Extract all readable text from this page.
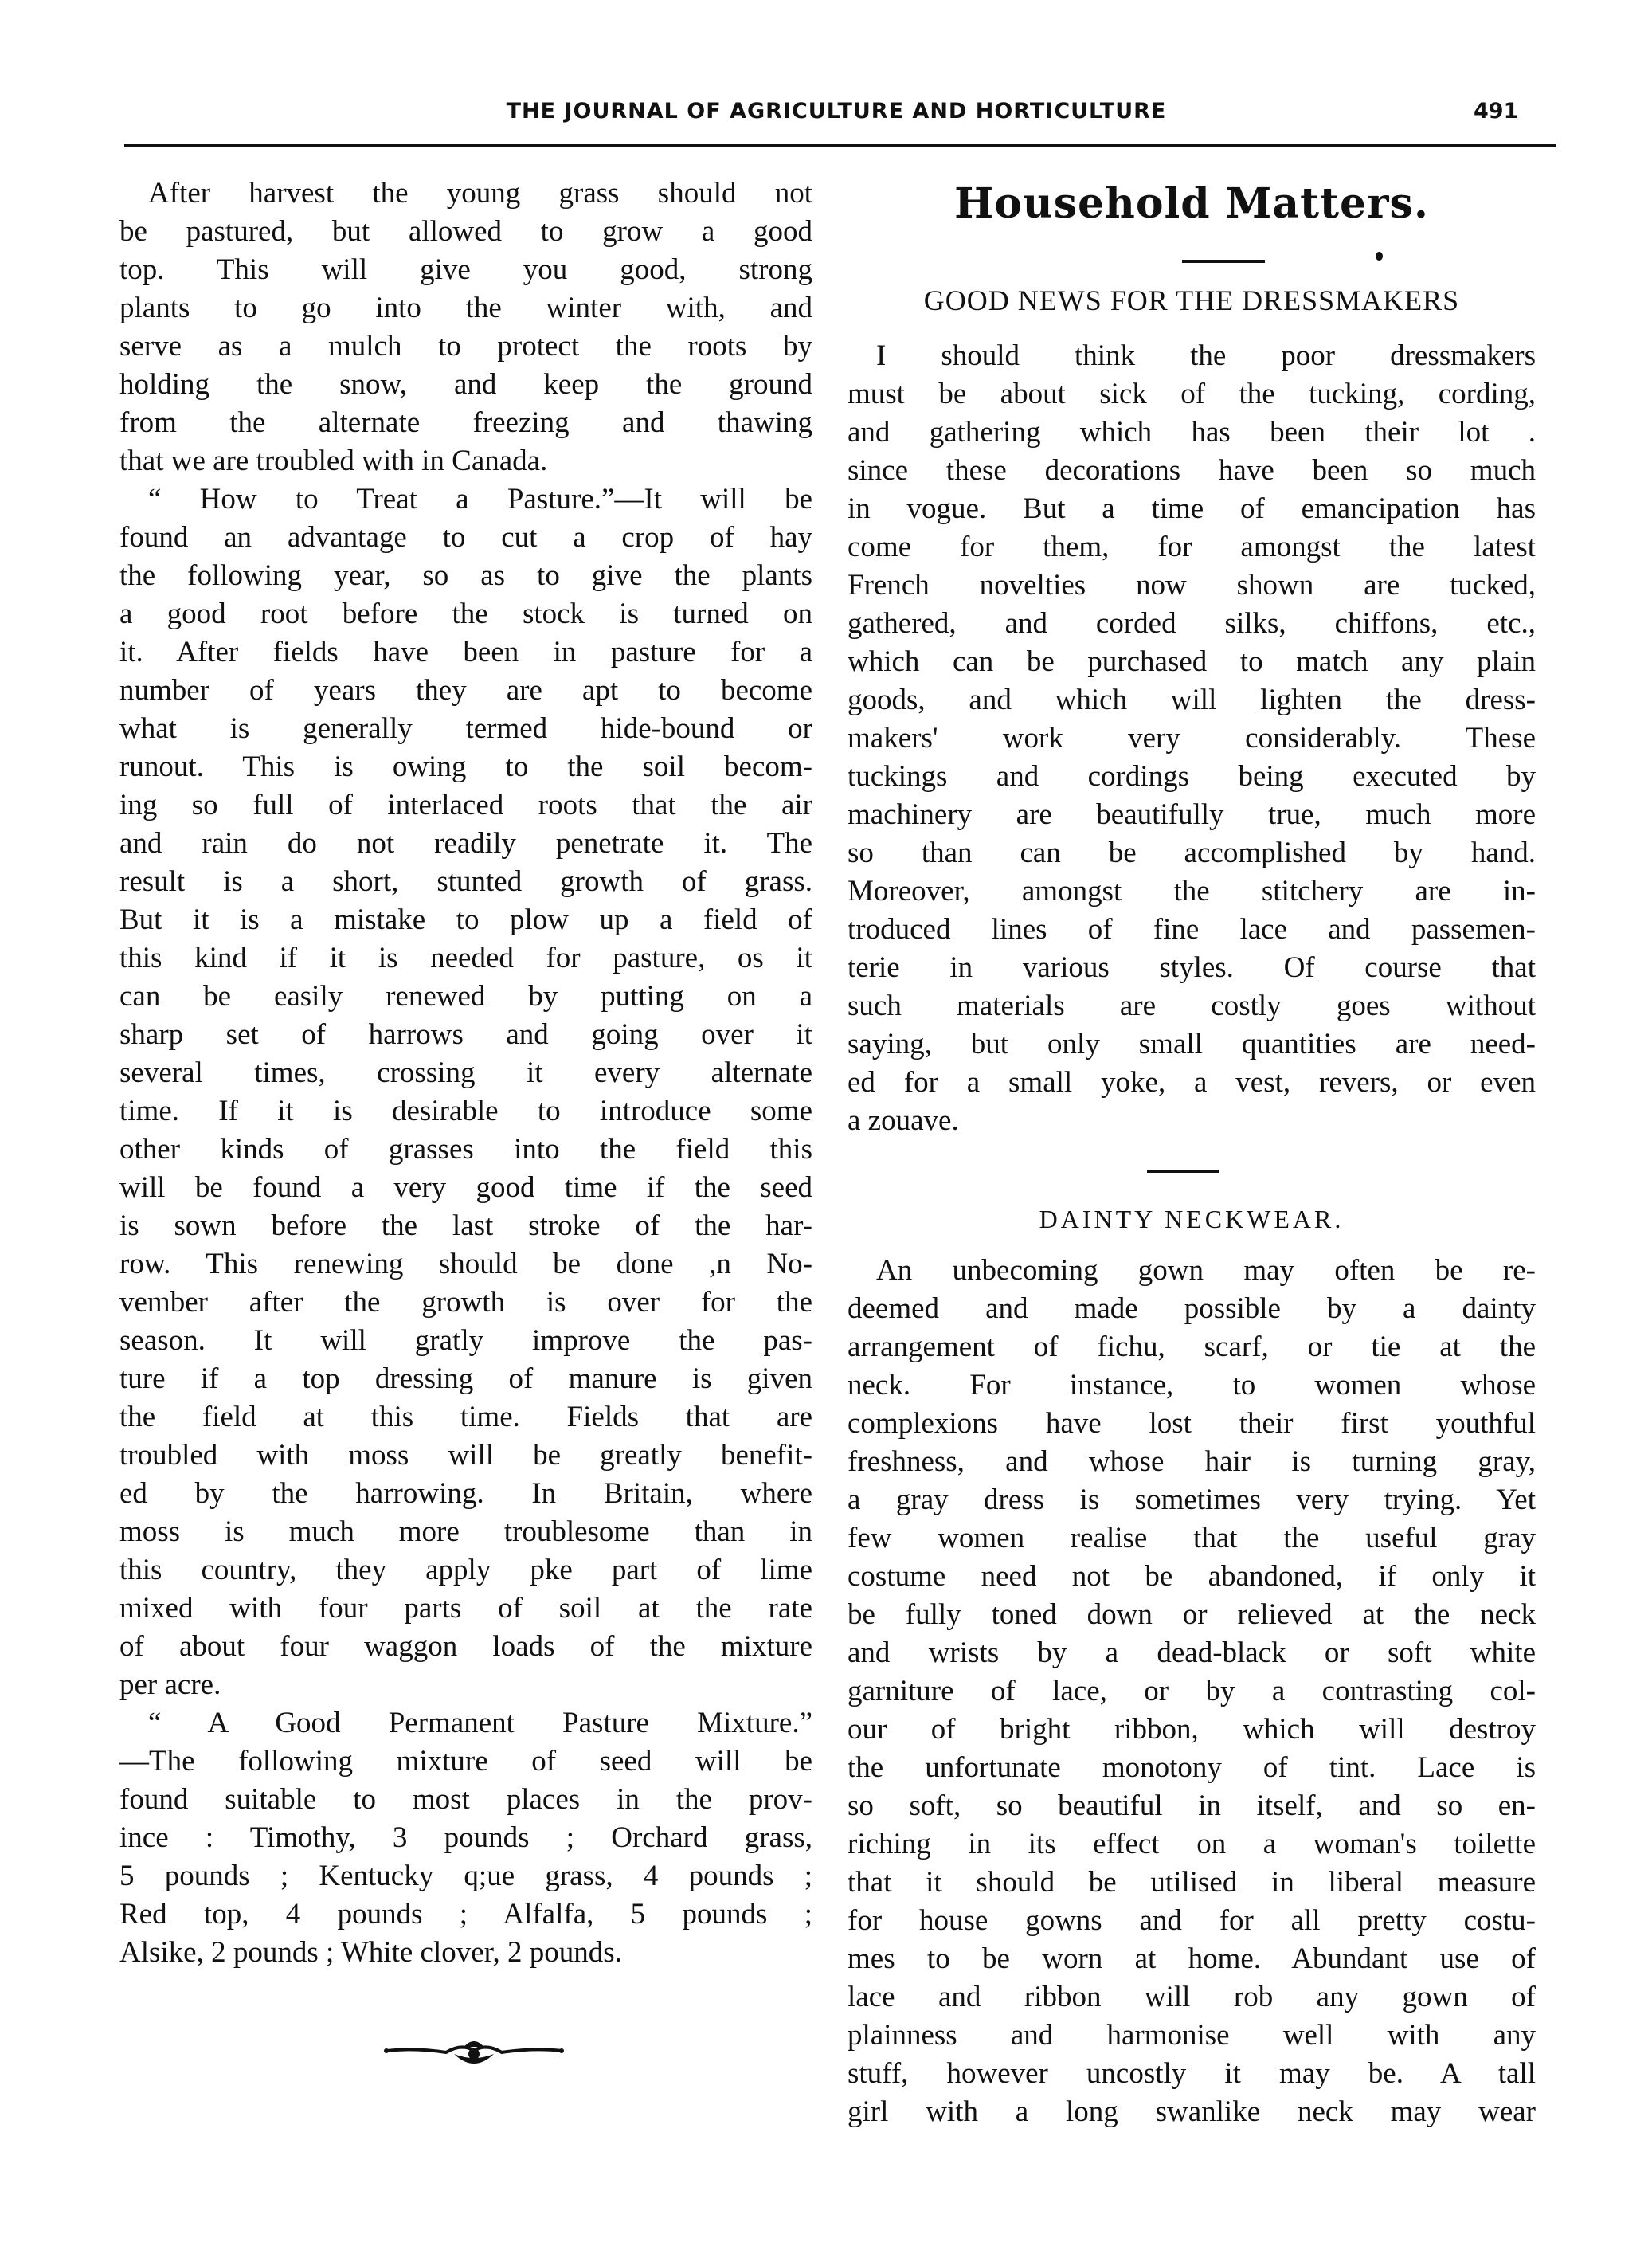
THE JOURNAL OF AGRICULTURE AND HORTICULTURE	491
After harvest the young grass should not
be pastured, but allowed to grow a good
top. This will give you good, strong
plants to go into the winter with, and
serve as a mulch to protect the roots by
holding the snow, and keep the ground
from the alternate freezing and thawing
that we are troubled with in Canada.
“ How to Treat a Pasture.”—It will be
found an advantage to cut a crop of hay
the following year, so as to give the plants
a good root before the stock is turned on
it. After fields have been in pasture for a
number of years they are apt to become
what is generally termed hide-bound or
runout. This is owing to the soil becom-
ing so full of interlaced roots that the air
and rain do not readily penetrate it. The
result is a short, stunted growth of grass.
But it is a mistake to plow up a field of
this kind if it is needed for pasture, os it
can be easily renewed by putting on a
sharp set of harrows and going over it
several times, crossing it every alternate
time. If it is desirable to introduce some
other kinds of grasses into the field this
will be found a very good time if the seed
is sown before the last stroke of the har-
row. This renewing should be done ,n No-
vember after the growth is over for the
season. It will gratly improve the pas-
ture if a top dressing of manure is given
the field at this time. Fields that are
troubled with moss will be greatly benefit-
ed by the harrowing. In Britain, where
moss is much more troublesome than in
this country, they apply pke part of lime
mixed with four parts of soil at the rate
of about four waggon loads of the mixture
per acre.
“ A Good Permanent Pasture Mixture.”
—The following mixture of seed will be
found suitable to most places in the prov-
ince : Timothy, 3 pounds ; Orchard grass,
5 pounds ; Kentucky q;ue grass, 4 pounds ;
Red top, 4 pounds ; Alfalfa, 5 pounds ;
Alsike, 2 pounds ; White clover, 2 pounds.
Household Matters.
GOOD NEWS FOR THE DRESSMAKERS
I should think the poor dressmakers
must be about sick of the tucking, cording,
and gathering which has been their lot .
since these decorations have been so much
in vogue. But a time of emancipation has
come for them, for amongst the latest
French novelties now shown are tucked,
gathered, and corded silks, chiffons, etc.,
which can be purchased to match any plain
goods, and which will lighten the dress-
makers' work very considerably. These
tuckings and cordings being executed by
machinery are beautifully true, much more
so than can be accomplished by hand.
Moreover, amongst the stitchery are in-
troduced lines of fine lace and passemen-
terie in various styles. Of course that
such materials are costly goes without
saying, but only small quantities are need-
ed for a small yoke, a vest, revers, or even
a zouave.
DAINTY NECKWEAR.
An unbecoming gown may often be re-
deemed and made possible by a dainty
arrangement of fichu, scarf, or tie at the
neck. For instance, to women whose
complexions have lost their first youthful
freshness, and whose hair is turning gray,
a gray dress is sometimes very trying. Yet
few women realise that the useful gray
costume need not be abandoned, if only it
be fully toned down or relieved at the neck
and wrists by a dead-black or soft white
garniture of lace, or by a contrasting col-
our of bright ribbon, which will destroy
the unfortunate monotony of tint. Lace is
so soft, so beautiful in itself, and so en-
riching in its effect on a woman's toilette
that it should be utilised in liberal measure
for house gowns and for all pretty costu-
mes to be worn at home. Abundant use of
lace and ribbon will rob any gown of
plainness and harmonise well with any
stuff, however uncostly it may be. A tall
girl with a long swanlike neck may wear
